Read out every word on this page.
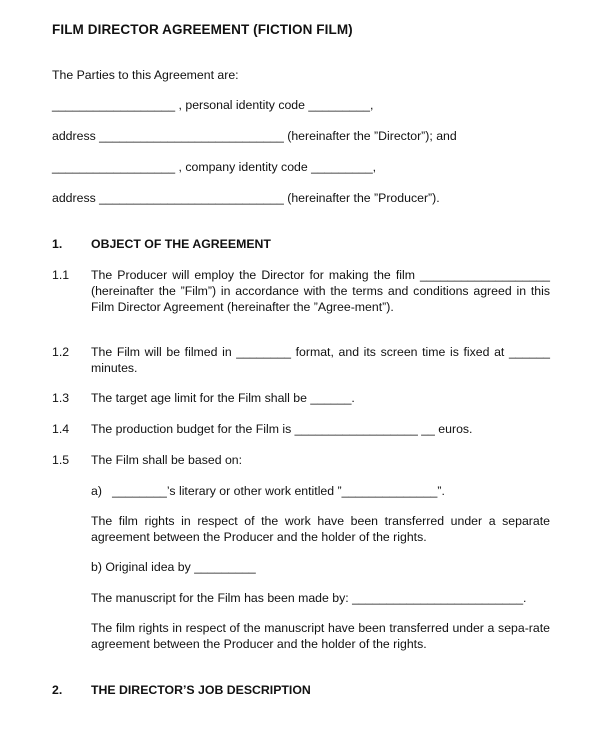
FILM DIRECTOR AGREEMENT (FICTION FILM)
The Parties to this Agreement are:
__________________ , personal identity code _________,
address ___________________________ (hereinafter the ”Director”); and
__________________ , company identity code _________,
address ___________________________ (hereinafter the ”Producer”).
1. OBJECT OF THE AGREEMENT
1.1 The Producer will employ the Director for making the film ___________________ (hereinafter the ”Film”) in accordance with the terms and conditions agreed in this Film Director Agreement (hereinafter the ”Agree-ment”).
1.2 The Film will be filmed in ________ format, and its screen time is fixed at ______ minutes.
1.3 The target age limit for the Film shall be ______.
1.4 The production budget for the Film is __________________ __ euros.
1.5 The Film shall be based on:
a)   ________’s literary or other work entitled ”______________”.
The film rights in respect of the work have been transferred under a separate agreement between the Producer and the holder of the rights.
b) Original idea by _________
The manuscript for the Film has been made by: _________________________.
The film rights in respect of the manuscript have been transferred under a sepa-rate agreement between the Producer and the holder of the rights.
2. THE DIRECTOR’S JOB DESCRIPTION
